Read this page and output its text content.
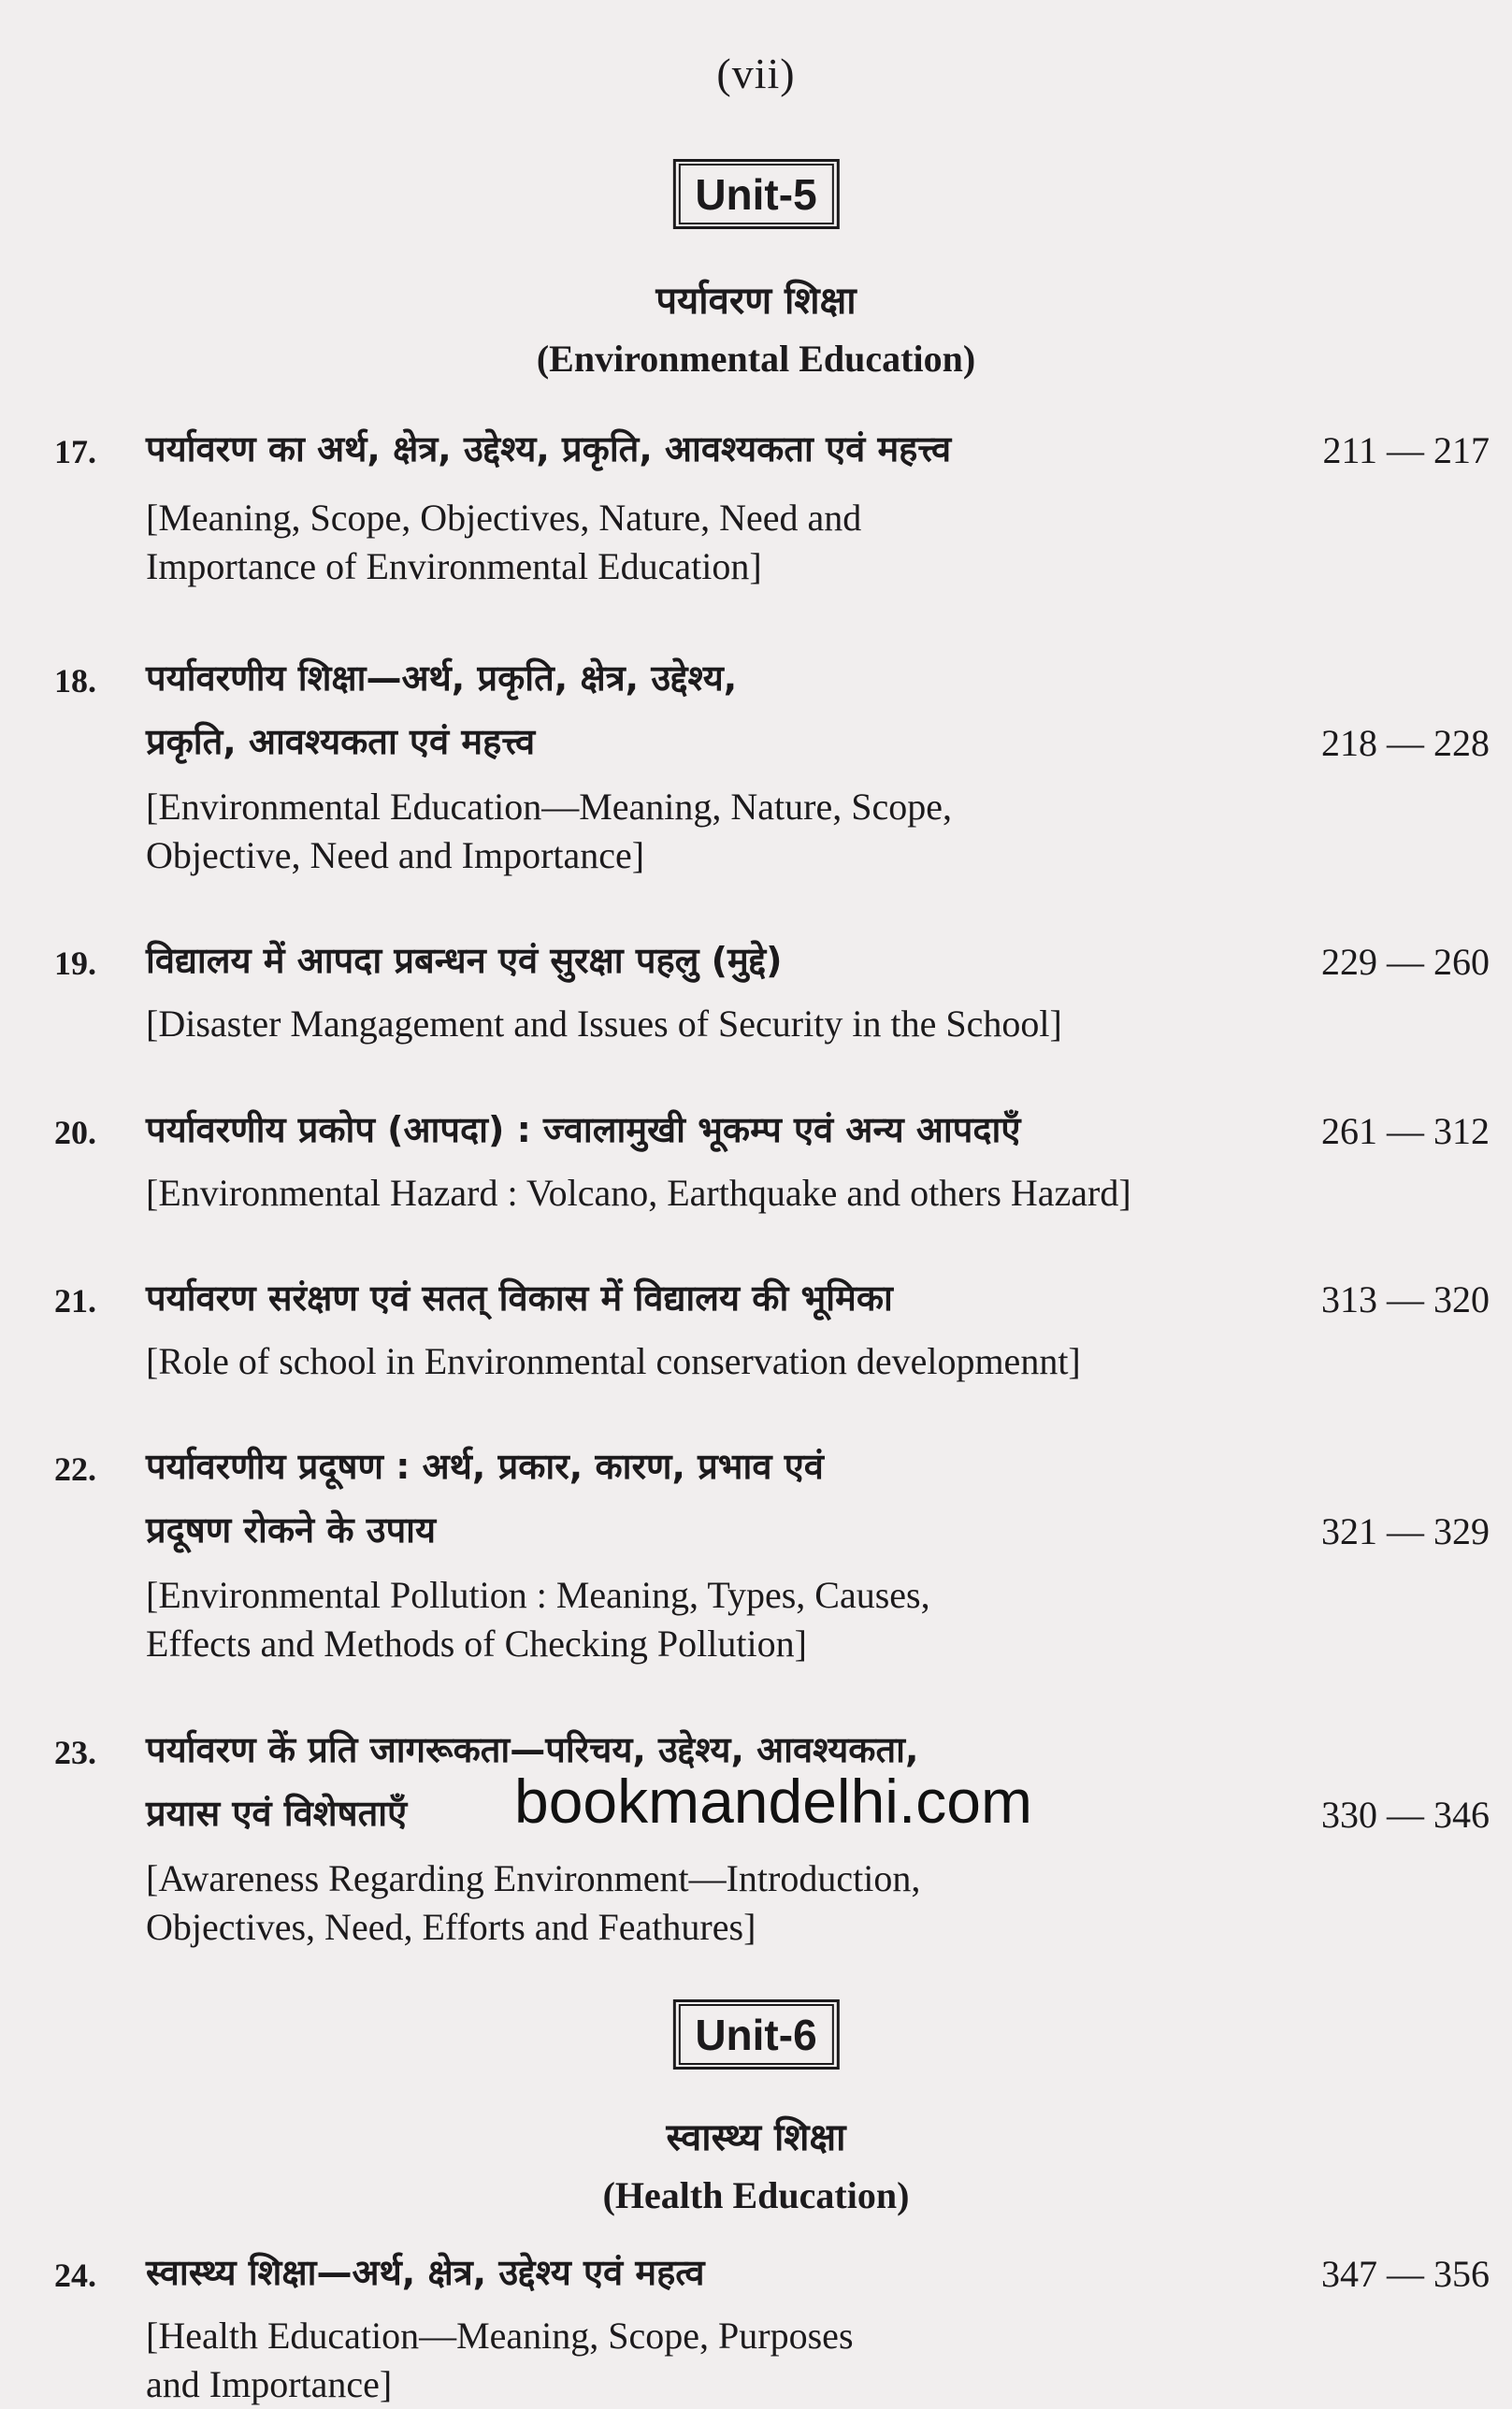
(vii)
Unit-5
पर्यावरण शिक्षा
(Environmental Education)
17. पर्यावरण का अर्थ, क्षेत्र, उद्देश्य, प्रकृति, आवश्यकता एवं महत्त्व	211 — 217
[Meaning, Scope, Objectives, Nature, Need and
Importance of Environmental Education]
18. पर्यावरणीय शिक्षा—अर्थ, प्रकृति, क्षेत्र, उद्देश्य,
प्रकृति, आवश्यकता एवं महत्त्व	218 — 228
[Environmental Education—Meaning, Nature, Scope,
Objective, Need and Importance]
19. विद्यालय में आपदा प्रबन्धन एवं सुरक्षा पहलु (मुद्दे)	229 — 260
[Disaster Mangagement and Issues of Security in the School]
20. पर्यावरणीय प्रकोप (आपदा) : ज्वालामुखी भूकम्प एवं अन्य आपदाएँ	261 — 312
[Environmental Hazard : Volcano, Earthquake and others Hazard]
21. पर्यावरण सरंक्षण एवं सतत् विकास में विद्यालय की भूमिका	313 — 320
[Role of school in Environmental conservation developmennt]
22. पर्यावरणीय प्रदूषण : अर्थ, प्रकार, कारण, प्रभाव एवं
प्रदूषण रोकने के उपाय	321 — 329
[Environmental Pollution : Meaning, Types, Causes,
Effects and Methods of Checking Pollution]
23. पर्यावरण कें प्रति जागरूकता—परिचय, उद्देश्य, आवश्यकता,
प्रयास एवं विशेषताएँ	330 — 346
[Awareness Regarding Environment—Introduction,
Objectives, Need, Efforts and Feathures]
bookmandelhi.com
Unit-6
स्वास्थ्य शिक्षा
(Health Education)
24. स्वास्थ्य शिक्षा—अर्थ, क्षेत्र, उद्देश्य एवं महत्व	347 — 356
[Health Education—Meaning, Scope, Purposes
and Importance]
